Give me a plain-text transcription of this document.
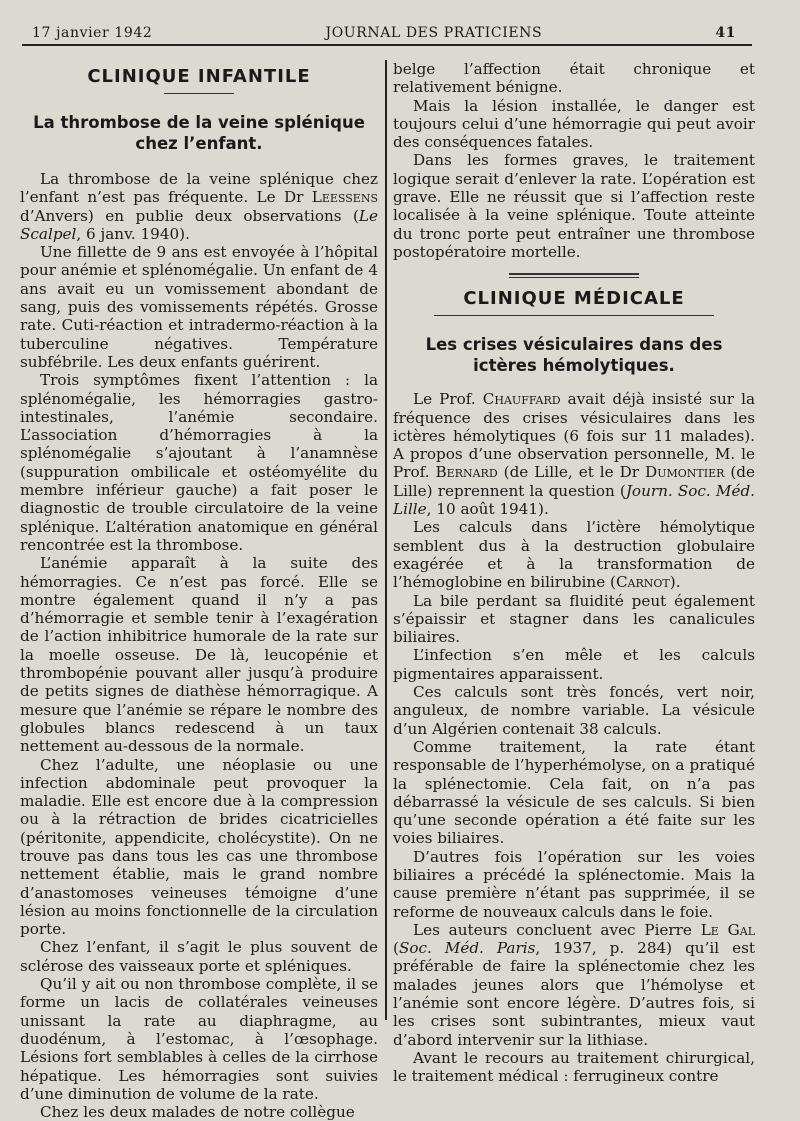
17 janvier 1942	JOURNAL DES PRATICIENS	41
CLINIQUE INFANTILE
La thrombose de la veine splénique chez l’enfant.

La thrombose de la veine splénique chez l’enfant n’est pas fréquente. Le Dr Leessens d’Anvers) en publie deux observations (Le Scalpel, 6 janv. 1940).

Une fillette de 9 ans est envoyée à l’hôpital pour anémie et splénomégalie. Un enfant de 4 ans avait eu un vomissement abondant de sang, puis des vomissements répétés. Grosse rate. Cuti-réaction et intradermo-réaction à la tuberculine négatives. Température subfébrile. Les deux enfants guérirent.

Trois symptômes fixent l’attention : la splénomégalie, les hémorragies gastro-intestinales, l’anémie secondaire. L’association d’hémorragies à la splénomégalie s’ajoutant à l’anamnèse (suppuration ombilicale et ostéomyélite du membre inférieur gauche) a fait poser le diagnostic de trouble circulatoire de la veine splénique. L’altération anatomique en général rencontrée est la thrombose.

L’anémie apparaît à la suite des hémorragies. Ce n’est pas forcé. Elle se montre également quand il n’y a pas d’hémorragie et semble tenir à l’exagération de l’action inhibitrice humorale de la rate sur la moelle osseuse. De là, leucopénie et thrombopénie pouvant aller jusqu’à produire de petits signes de diathèse hémorragique. A mesure que l’anémie se répare le nombre des globules blancs redescend à un taux nettement au-dessous de la normale.

Chez l’adulte, une néoplasie ou une infection abdominale peut provoquer la maladie. Elle est encore due à la compression ou à la rétraction de brides cicatricielles (péritonite, appendicite, cholécystite). On ne trouve pas dans tous les cas une thrombose nettement établie, mais le grand nombre d’anastomoses veineuses témoigne d’une lésion au moins fonctionnelle de la circulation porte.

Chez l’enfant, il s’agit le plus souvent de sclérose des vaisseaux porte et spléniques.

Qu’il y ait ou non thrombose complète, il se forme un lacis de collatérales veineuses unissant la rate au diaphragme, au duodénum, à l’estomac, à l’œsophage. Lésions fort semblables à celles de la cirrhose hépatique. Les hémorragies sont suivies d’une diminution de volume de la rate.

Chez les deux malades de notre collègue

belge l’affection était chronique et relativement bénigne.

Mais la lésion installée, le danger est toujours celui d’une hémorragie qui peut avoir des conséquences fatales.

Dans les formes graves, le traitement logique serait d’enlever la rate. L’opération est grave. Elle ne réussit que si l’affection reste localisée à la veine splénique. Toute atteinte du tronc porte peut entraîner une thrombose postopératoire mortelle.

CLINIQUE MÉDICALE
Les crises vésiculaires dans des ictères hémolytiques.

Le Prof. Chauffard avait déjà insisté sur la fréquence des crises vésiculaires dans les ictères hémolytiques (6 fois sur 11 malades). A propos d’une observation personnelle, M. le Prof. Bernard (de Lille, et le Dr Dumontier (de Lille) reprennent la question (Journ. Soc. Méd. Lille, 10 août 1941).

Les calculs dans l’ictère hémolytique semblent dus à la destruction globulaire exagérée et à la transformation de l’hémoglobine en bilirubine (Carnot).

La bile perdant sa fluidité peut également s’épaissir et stagner dans les canalicules biliaires.

L’infection s’en mêle et les calculs pigmentaires apparaissent.

Ces calculs sont très foncés, vert noir, anguleux, de nombre variable. La vésicule d’un Algérien contenait 38 calculs.

Comme traitement, la rate étant responsable de l’hyperhémolyse, on a pratiqué la splénectomie. Cela fait, on n’a pas débarrassé la vésicule de ses calculs. Si bien qu’une seconde opération a été faite sur les voies biliaires.

D’autres fois l’opération sur les voies biliaires a précédé la splénectomie. Mais la cause première n’étant pas supprimée, il se reforme de nouveaux calculs dans le foie.

Les auteurs concluent avec Pierre Le Gal (Soc. Méd. Paris, 1937, p. 284) qu’il est préférable de faire la splénectomie chez les malades jeunes alors que l’hémolyse et l’anémie sont encore légère. D’autres fois, si les crises sont subintrantes, mieux vaut d’abord intervenir sur la lithiase.

Avant le recours au traitement chirurgical, le traitement médical : ferrugineux contre
